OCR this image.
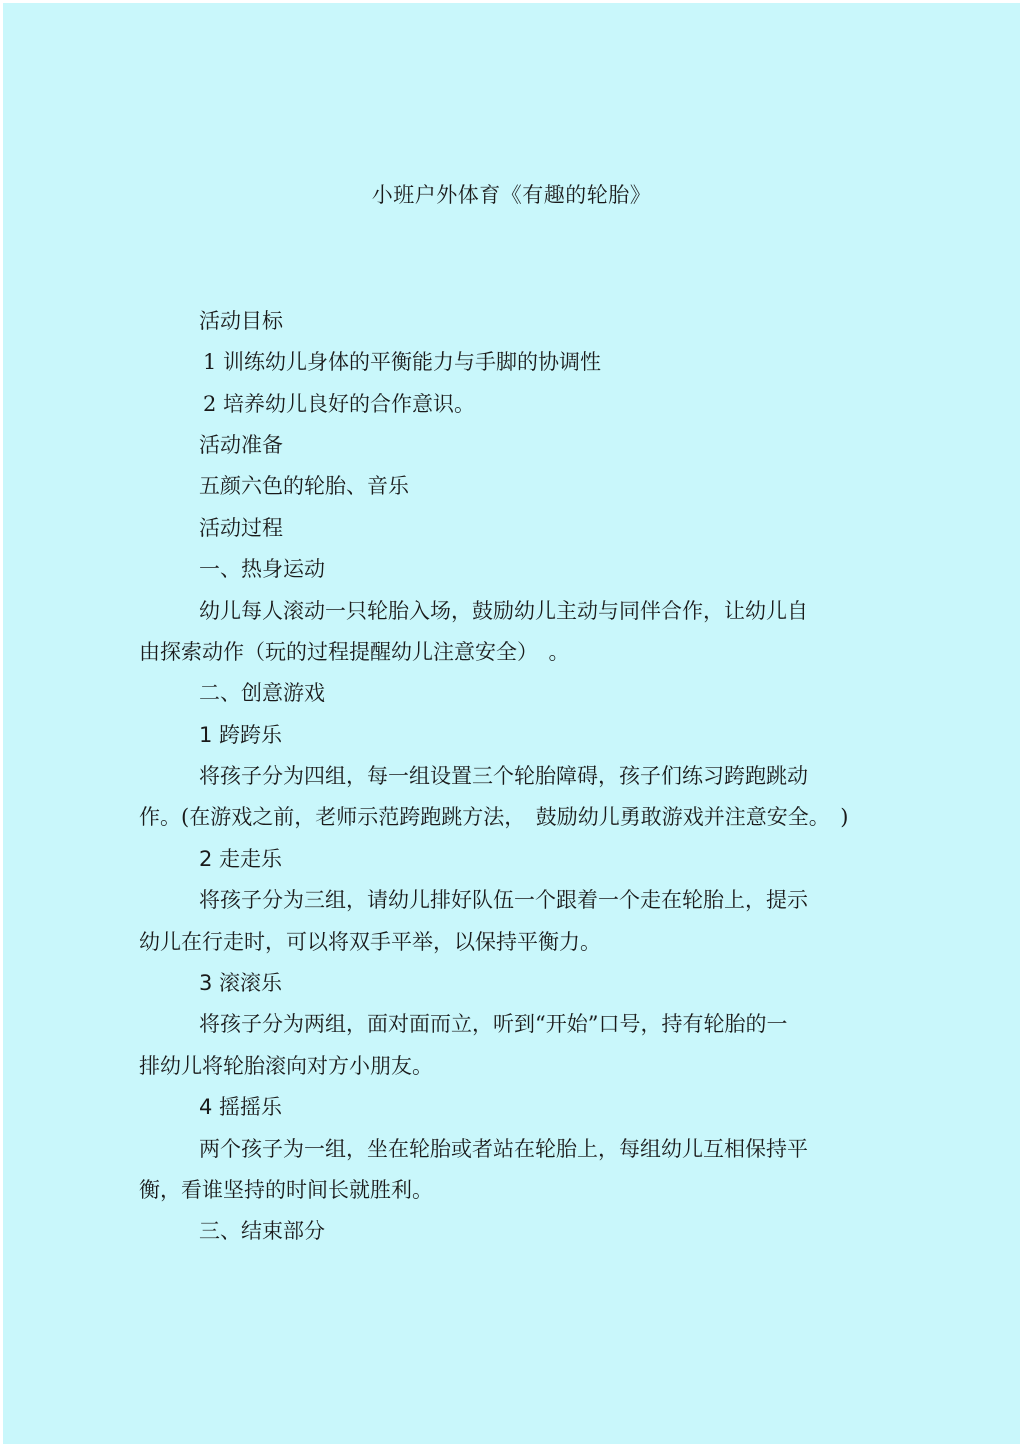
小班户外体育《有趣的轮胎》

活动目标

1 训练幼儿身体的平衡能力与手脚的协调性

2 培养幼儿良好的合作意识。

活动准备

五颜六色的轮胎、音乐

活动过程

一、热身运动

幼儿每人滚动一只轮胎入场，鼓励幼儿主动与同伴合作，让幼儿自

由探索动作（玩的过程提醒幼儿注意安全）　。

二、创意游戏

1 跨跨乐

将孩子分为四组，每一组设置三个轮胎障碍，孩子们练习跨跑跳动

作。(在游戏之前，老师示范跨跑跳方法，　鼓励幼儿勇敢游戏并注意安全。　)

2 走走乐

将孩子分为三组，请幼儿排好队伍一个跟着一个走在轮胎上，提示

幼儿在行走时，可以将双手平举，以保持平衡力。

3 滚滚乐

将孩子分为两组，面对面而立，听到“开始”口号，持有轮胎的一

排幼儿将轮胎滚向对方小朋友。

4 摇摇乐

两个孩子为一组，坐在轮胎或者站在轮胎上，每组幼儿互相保持平

衡，看谁坚持的时间长就胜利。

三、结束部分
